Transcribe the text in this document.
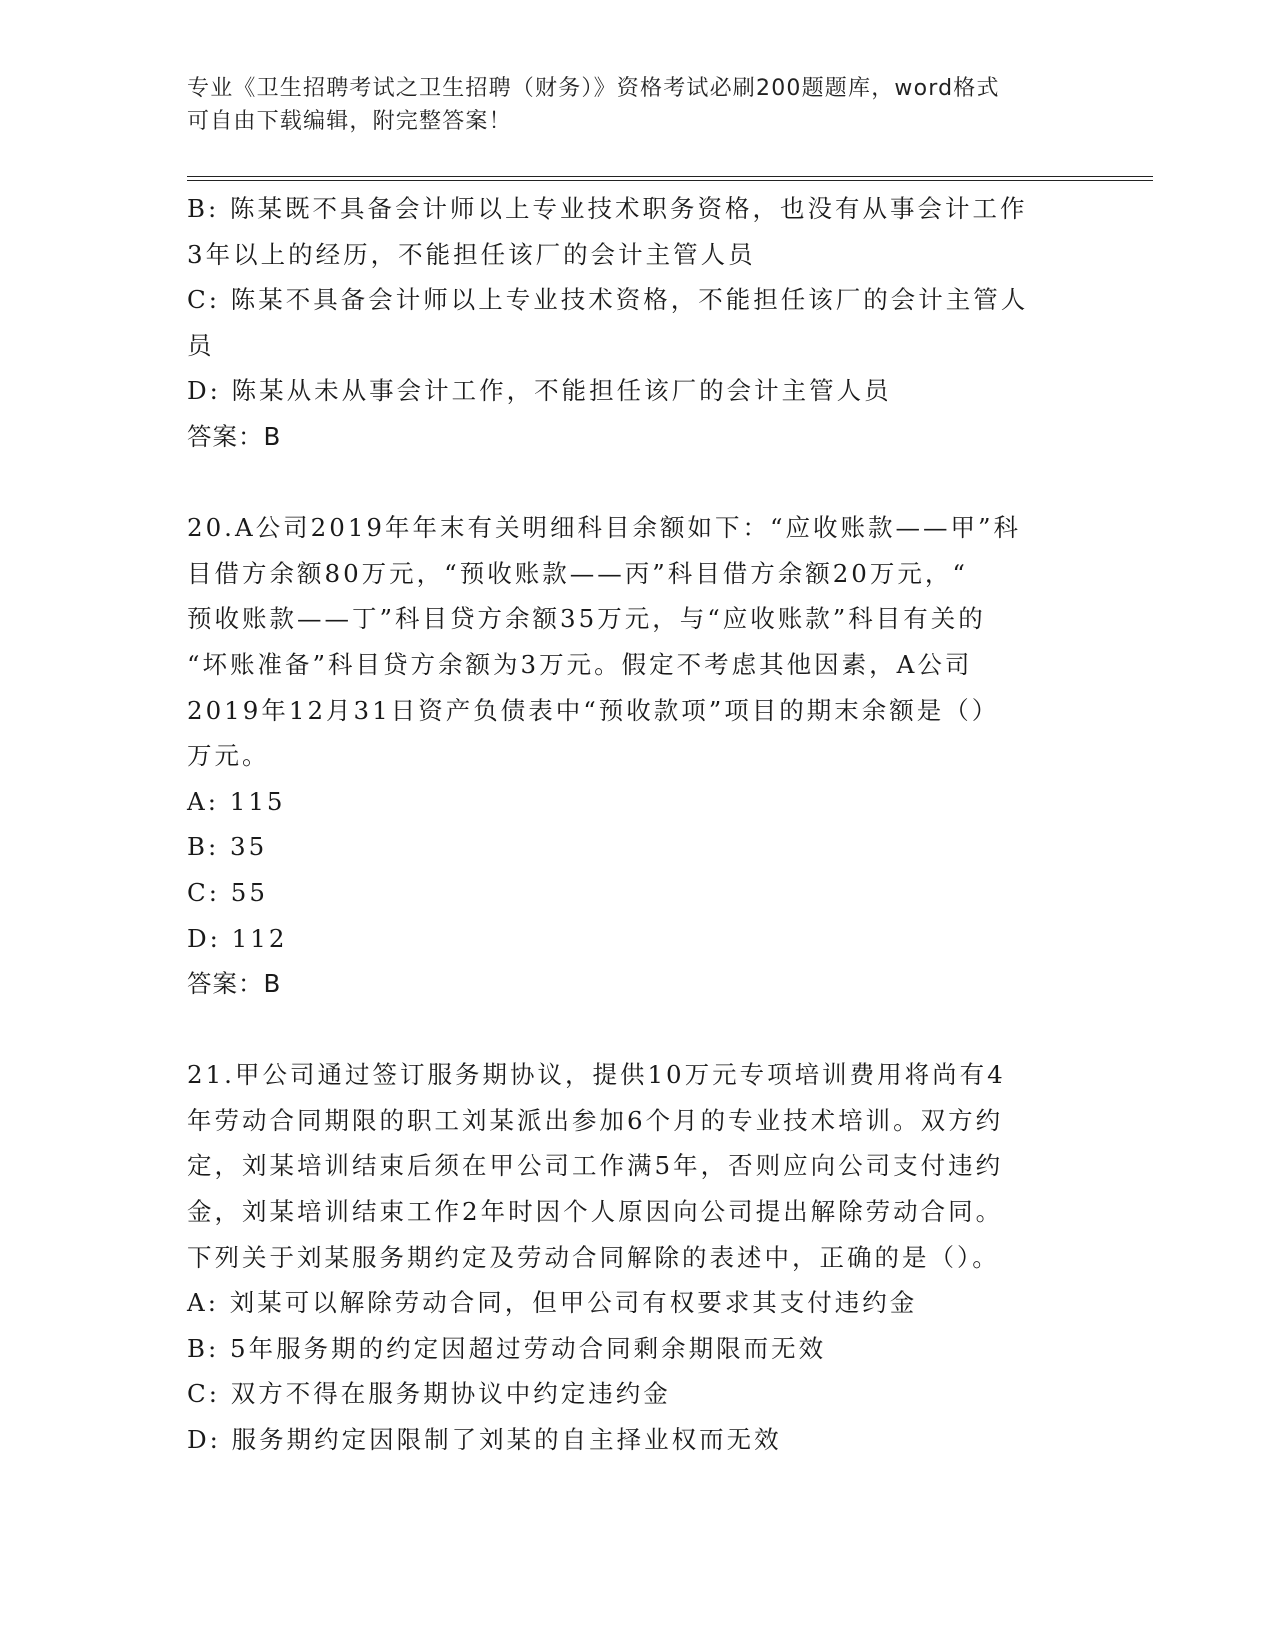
专业《卫生招聘考试之卫生招聘（财务）》资格考试必刷200题题库，word格式
可自由下载编辑，附完整答案！
B: 陈某既不具备会计师以上专业技术职务资格，也没有从事会计工作
3年以上的经历，不能担任该厂的会计主管人员
C: 陈某不具备会计师以上专业技术资格，不能担任该厂的会计主管人
员
D: 陈某从未从事会计工作，不能担任该厂的会计主管人员
答案：B
20.A公司2019年年末有关明细科目余额如下：“应收账款——甲”科
目借方余额80万元，“预收账款——丙”科目借方余额20万元，“
预收账款——丁”科目贷方余额35万元，与“应收账款”科目有关的
“坏账准备”科目贷方余额为3万元。假定不考虑其他因素，A公司
2019年12月31日资产负债表中“预收款项”项目的期末余额是（）
万元。
A: 115
B: 35
C: 55
D: 112
答案：B
21.甲公司通过签订服务期协议，提供10万元专项培训费用将尚有4
年劳动合同期限的职工刘某派出参加6个月的专业技术培训。双方约
定，刘某培训结束后须在甲公司工作满5年，否则应向公司支付违约
金，刘某培训结束工作2年时因个人原因向公司提出解除劳动合同。
下列关于刘某服务期约定及劳动合同解除的表述中，正确的是（）。
A: 刘某可以解除劳动合同，但甲公司有权要求其支付违约金
B: 5年服务期的约定因超过劳动合同剩余期限而无效
C: 双方不得在服务期协议中约定违约金
D: 服务期约定因限制了刘某的自主择业权而无效
